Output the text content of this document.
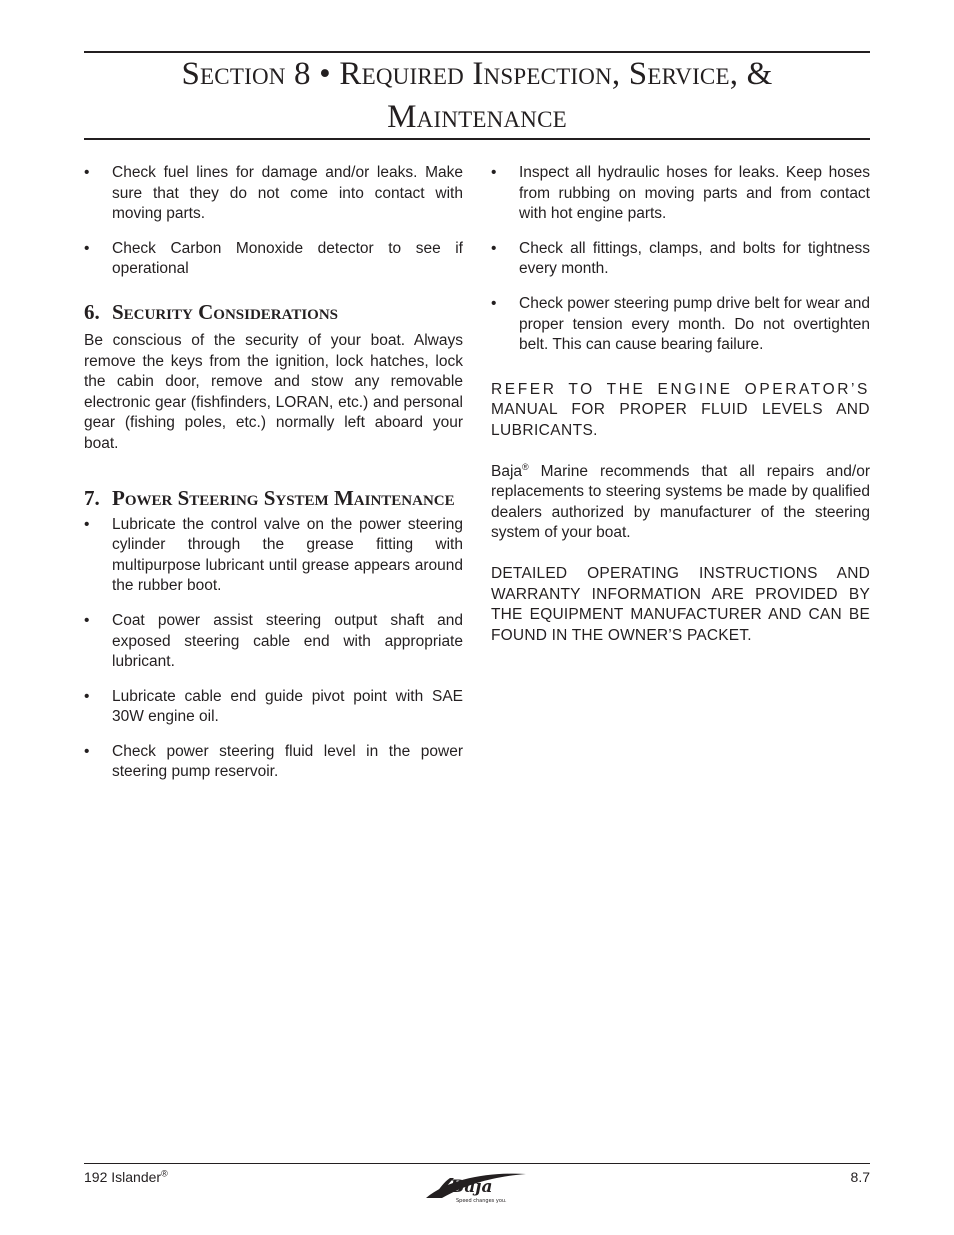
Section 8 • Required Inspection, Service, &
Maintenance
• Check fuel lines for damage and/or leaks. Make sure that they do not come into contact with moving parts.
• Check Carbon Monoxide detector to see if operational
6. Security Considerations

Be conscious of the security of your boat. Always remove the keys from the ignition, lock hatches, lock the cabin door, remove and stow any removable electronic gear (fishfinders, LORAN, etc.) and personal gear (fishing poles, etc.) normally left aboard your boat.

7. Power Steering System Maintenance
• Lubricate the control valve on the power steering cylinder through the grease fitting with multipurpose lubricant until grease appears around the rubber boot.
• Coat power assist steering output shaft and exposed steering cable end with appropriate lubricant.
• Lubricate cable end guide pivot point with SAE 30W engine oil.
• Check power steering fluid level in the power steering pump reservoir.
• Inspect all hydraulic hoses for leaks. Keep hoses from rubbing on moving parts and from contact with hot engine parts.
• Check all fittings, clamps, and bolts for tightness every month.
• Check power steering pump drive belt for wear and proper tension every month. Do not overtighten belt. This can cause bearing failure.

REFER TO THE ENGINE OPERATOR’S MANUAL FOR PROPER FLUID LEVELS AND LUBRICANTS.

Baja® Marine recommends that all repairs and/or replacements to steering systems be made by qualified dealers authorized by manufacturer of the steering system of your boat.

DETAILED OPERATING INSTRUCTIONS AND WARRANTY INFORMATION ARE PROVIDED BY THE EQUIPMENT MANUFACTURER AND CAN BE FOUND IN THE OWNER’S PACKET.

192 Islander®
Baja
Speed changes you.
8.7
